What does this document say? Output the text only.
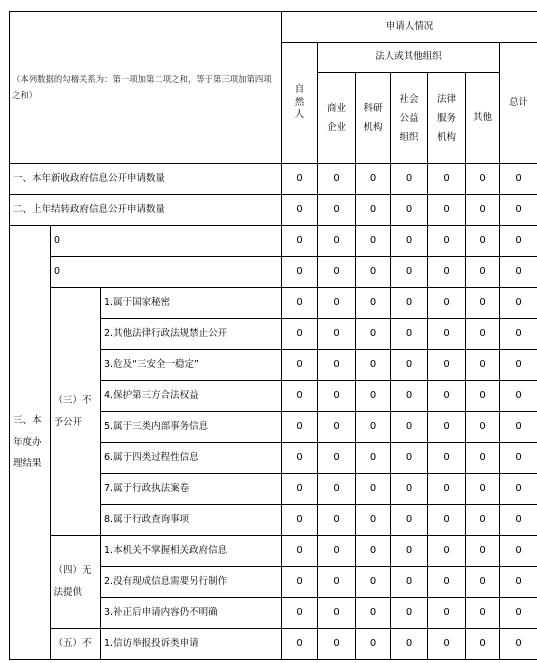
（本列数据的勾稽关系为：第一项加第二项之和，等于第三项加第四项之和）			申请人情况						

			自然人	法人或其他组织					总计

				商业企业	科研机构	社会公益组织	法律服务机构	其他	
一、本年新收政府信息公开申请数量			0	0	0	0	0	0	0
二、上年结转政府信息公开申请数量			0	0	0	0	0	0	0

三、本年度办理结果	0		0	0	0	0	0	0	0
	0		0	0	0	0	0	0	0

	（三）不予公开	1.属于国家秘密	0	0	0	0	0	0	0
		2.其他法律行政法规禁止公开	0	0	0	0	0	0	0
		3.危及“三安全一稳定”	0	0	0	0	0	0	0
		4.保护第三方合法权益	0	0	0	0	0	0	0
		5.属于三类内部事务信息	0	0	0	0	0	0	0
		6.属于四类过程性信息	0	0	0	0	0	0	0
		7.属于行政执法案卷	0	0	0	0	0	0	0
		8.属于行政查询事项	0	0	0	0	0	0	0

	（四）无法提供	1.本机关不掌握相关政府信息	0	0	0	0	0	0	0
		2.没有现成信息需要另行制作	0	0	0	0	0	0	0
		3.补正后申请内容仍不明确	0	0	0	0	0	0	0

	（五）不	1.信访举报投诉类申请	0	0	0	0	0	0	0
